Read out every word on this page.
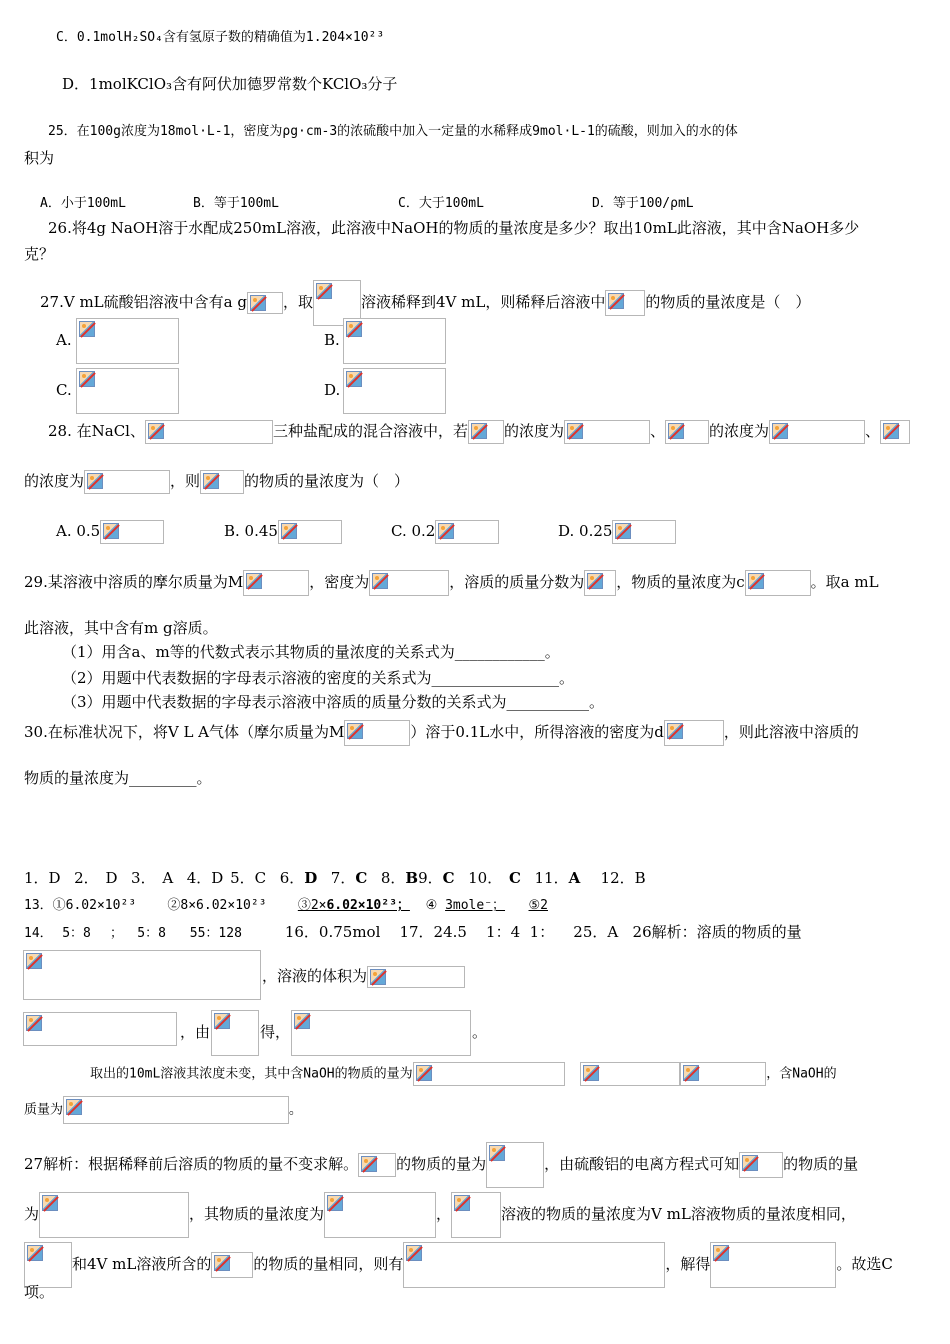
C．0.1molH₂SO₄含有氢原子数的精确值为1.204×10²³
D．1molKClO₃含有阿伏加德罗常数个KClO₃分子
25．在100g浓度为18mol·L-1，密度为ρg·cm-3的浓硫酸中加入一定量的水稀释成9mol·L-1的硫酸，则加入的水的体
积为
A．小于100mL	B．等于100mL	C．大于100mL	D．等于100/ρmL
26.将4g NaOH溶于水配成250mL溶液，此溶液中NaOH的物质的量浓度是多少？取出10mL此溶液，其中含NaOH多少
克？
27.V mL硫酸铝溶液中含有a g ，取	溶液稀释到4V mL，则稀释后溶液中	的物质的量浓度是（　）
A.	B.
C.	D.
28. 在NaCl、	三种盐配成的混合溶液中，若 的浓度为	、	的浓度为	、
的浓度为	，则	的物质的量浓度为（　）
A. 0.5	B. 0.45	C. 0.2	D. 0.25
29.某溶液中溶质的摩尔质量为M	，密度为	，溶质的质量分数为 ，物质的量浓度为c	。取a mL
此溶液，其中含有m g溶质。
（1）用含a、m等的代数式表示其物质的量浓度的关系式为____________。
（2）用题中代表数据的字母表示溶液的密度的关系式为_________________。
（3）用题中代表数据的字母表示溶液中溶质的质量分数的关系式为___________。
30.在标准状况下，将V L A气体（摩尔质量为M	）溶于0.1L水中，所得溶液的密度为d	，则此溶液中溶质的
物质的量浓度为_________。
1．D 2． D 3． A 4．D 5．C 6．D 7．C 8．B9．C 10． C 11．A 12．B
13．①6.02×10²³ ②8×6.02×10²³ ③2×6.02×10²³； ④ 3mole⁻； ⑤2
14． 5：8 ； 5：8 55：128	16．0.75mol 17．24.5 1：4 1： 25．A 26解析：溶质的物质的量
，溶液的体积为
，由	得，	。
取出的10mL溶液其浓度未变，其中含NaOH的物质的量为
	，含NaOH的
质量为	。
27解析：根据稀释前后溶质的物质的量不变求解。	的物质的量为	，由硫酸铝的电离方程式可知	的物质的量
为	，其物质的量浓度为	，	溶液的物质的量浓度为V mL溶液物质的量浓度相同，
和4V mL溶液所含的	的物质的量相同，则有	，解得	。故选C
项。
